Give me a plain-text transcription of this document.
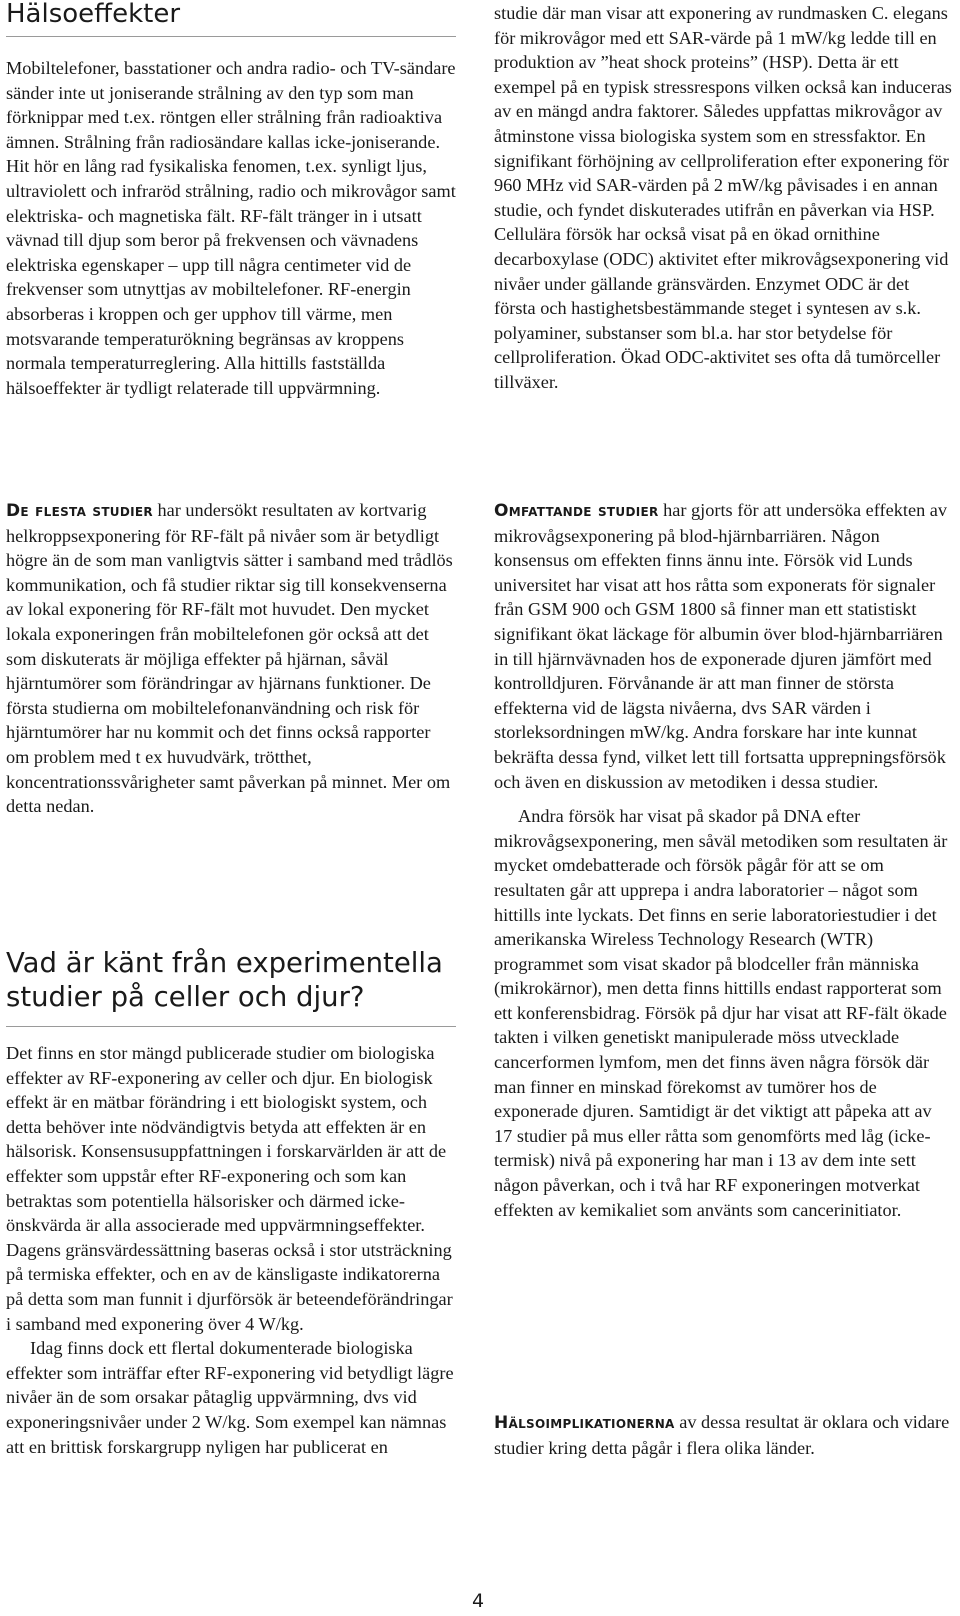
Hälsoeffekter

Mobiltelefoner, basstationer och andra radio- och TV-sändare sänder inte ut joniserande strålning av den typ som man förknippar med t.ex. röntgen eller strålning från radioaktiva ämnen. Strålning från radiosändare kallas icke-joniserande. Hit hör en lång rad fysikaliska fenomen, t.ex. synligt ljus, ultraviolett och infraröd strålning, radio och mikrovågor samt elektriska- och magnetiska fält. RF-fält tränger in i utsatt vävnad till djup som beror på frekvensen och vävnadens elektriska egenskaper – upp till några centimeter vid de frekvenser som utnyttjas av mobiltelefoner. RF-energin absorberas i kroppen och ger upphov till värme, men motsvarande temperaturökning begränsas av kroppens normala temperaturreglering. Alla hittills fastställda hälsoeffekter är tydligt relaterade till uppvärmning.

De flesta studier har undersökt resultaten av kortvarig helkroppsexponering för RF-fält på nivåer som är betydligt högre än de som man vanligtvis sätter i samband med trådlös kommunikation, och få studier riktar sig till konsekvenserna av lokal exponering för RF-fält mot huvudet. Den mycket lokala exponeringen från mobiltelefonen gör också att det som diskuterats är möjliga effekter på hjärnan, såväl hjärntumörer som förändringar av hjärnans funktioner. De första studierna om mobiltelefonanvändning och risk för hjärntumörer har nu kommit och det finns också rapporter om problem med t ex huvudvärk, trötthet, koncentrationssvårigheter samt påverkan på minnet. Mer om detta nedan.

Vad är känt från experimentella studier på celler och djur?

Det finns en stor mängd publicerade studier om biologiska effekter av RF-exponering av celler och djur. En biologisk effekt är en mätbar förändring i ett biologiskt system, och detta behöver inte nödvändigtvis betyda att effekten är en hälsorisk. Konsensusuppfattningen i forskarvärlden är att de effekter som uppstår efter RF-exponering och som kan betraktas som potentiella hälsorisker och därmed icke-önskvärda är alla associerade med uppvärmningseffekter. Dagens gränsvärdessättning baseras också i stor utsträckning på termiska effekter, och en av de känsligaste indikatorerna på detta som man funnit i djurförsök är beteendeförändringar i samband med exponering över 4 W/kg.

Idag finns dock ett flertal dokumenterade biologiska effekter som inträffar efter RF-exponering vid betydligt lägre nivåer än de som orsakar påtaglig uppvärmning, dvs vid exponeringsnivåer under 2 W/kg. Som exempel kan nämnas att en brittisk forskargrupp nyligen har publicerat en

studie där man visar att exponering av rundmasken C. elegans för mikrovågor med ett SAR-värde på 1 mW/kg ledde till en produktion av ”heat shock proteins” (HSP). Detta är ett exempel på en typisk stressrespons vilken också kan induceras av en mängd andra faktorer. Således uppfattas mikrovågor av åtminstone vissa biologiska system som en stressfaktor. En signifikant förhöjning av cellproliferation efter exponering för 960 MHz vid SAR-värden på 2 mW/kg påvisades i en annan studie, och fyndet diskuterades utifrån en påverkan via HSP. Cellulära försök har också visat på en ökad ornithine decarboxylase (ODC) aktivitet efter mikrovågsexponering vid nivåer under gällande gränsvärden. Enzymet ODC är det första och hastighetsbestämmande steget i syntesen av s.k. polyaminer, substanser som bl.a. har stor betydelse för cellproliferation. Ökad ODC-aktivitet ses ofta då tumörceller tillväxer.

Omfattande studier har gjorts för att undersöka effekten av mikrovågsexponering på blod-hjärnbarriären. Någon konsensus om effekten finns ännu inte. Försök vid Lunds universitet har visat att hos råtta som exponerats för signaler från GSM 900 och GSM 1800 så finner man ett statistiskt signifikant ökat läckage för albumin över blod-hjärnbarriären in till hjärnvävnaden hos de exponerade djuren jämfört med kontrolldjuren. Förvånande är att man finner de största effekterna vid de lägsta nivåerna, dvs SAR värden i storleksordningen mW/kg. Andra forskare har inte kunnat bekräfta dessa fynd, vilket lett till fortsatta upprepningsförsök och även en diskussion av metodiken i dessa studier.

Andra försök har visat på skador på DNA efter mikrovågsexponering, men såväl metodiken som resultaten är mycket omdebatterade och försök pågår för att se om resultaten går att upprepa i andra laboratorier – något som hittills inte lyckats. Det finns en serie laboratoriestudier i det amerikanska Wireless Technology Research (WTR) programmet som visat skador på blodceller från människa (mikrokärnor), men detta finns hittills endast rapporterat som ett konferensbidrag. Försök på djur har visat att RF-fält ökade takten i vilken genetiskt manipulerade möss utvecklade cancerformen lymfom, men det finns även några försök där man finner en minskad förekomst av tumörer hos de exponerade djuren. Samtidigt är det viktigt att påpeka att av 17 studier på mus eller råtta som genomförts med låg (icke-termisk) nivå på exponering har man i 13 av dem inte sett någon påverkan, och i två har RF exponeringen motverkat effekten av kemikaliet som använts som cancerinitiator.

Hälsoimplikationerna av dessa resultat är oklara och vidare studier kring detta pågår i flera olika länder.

4
